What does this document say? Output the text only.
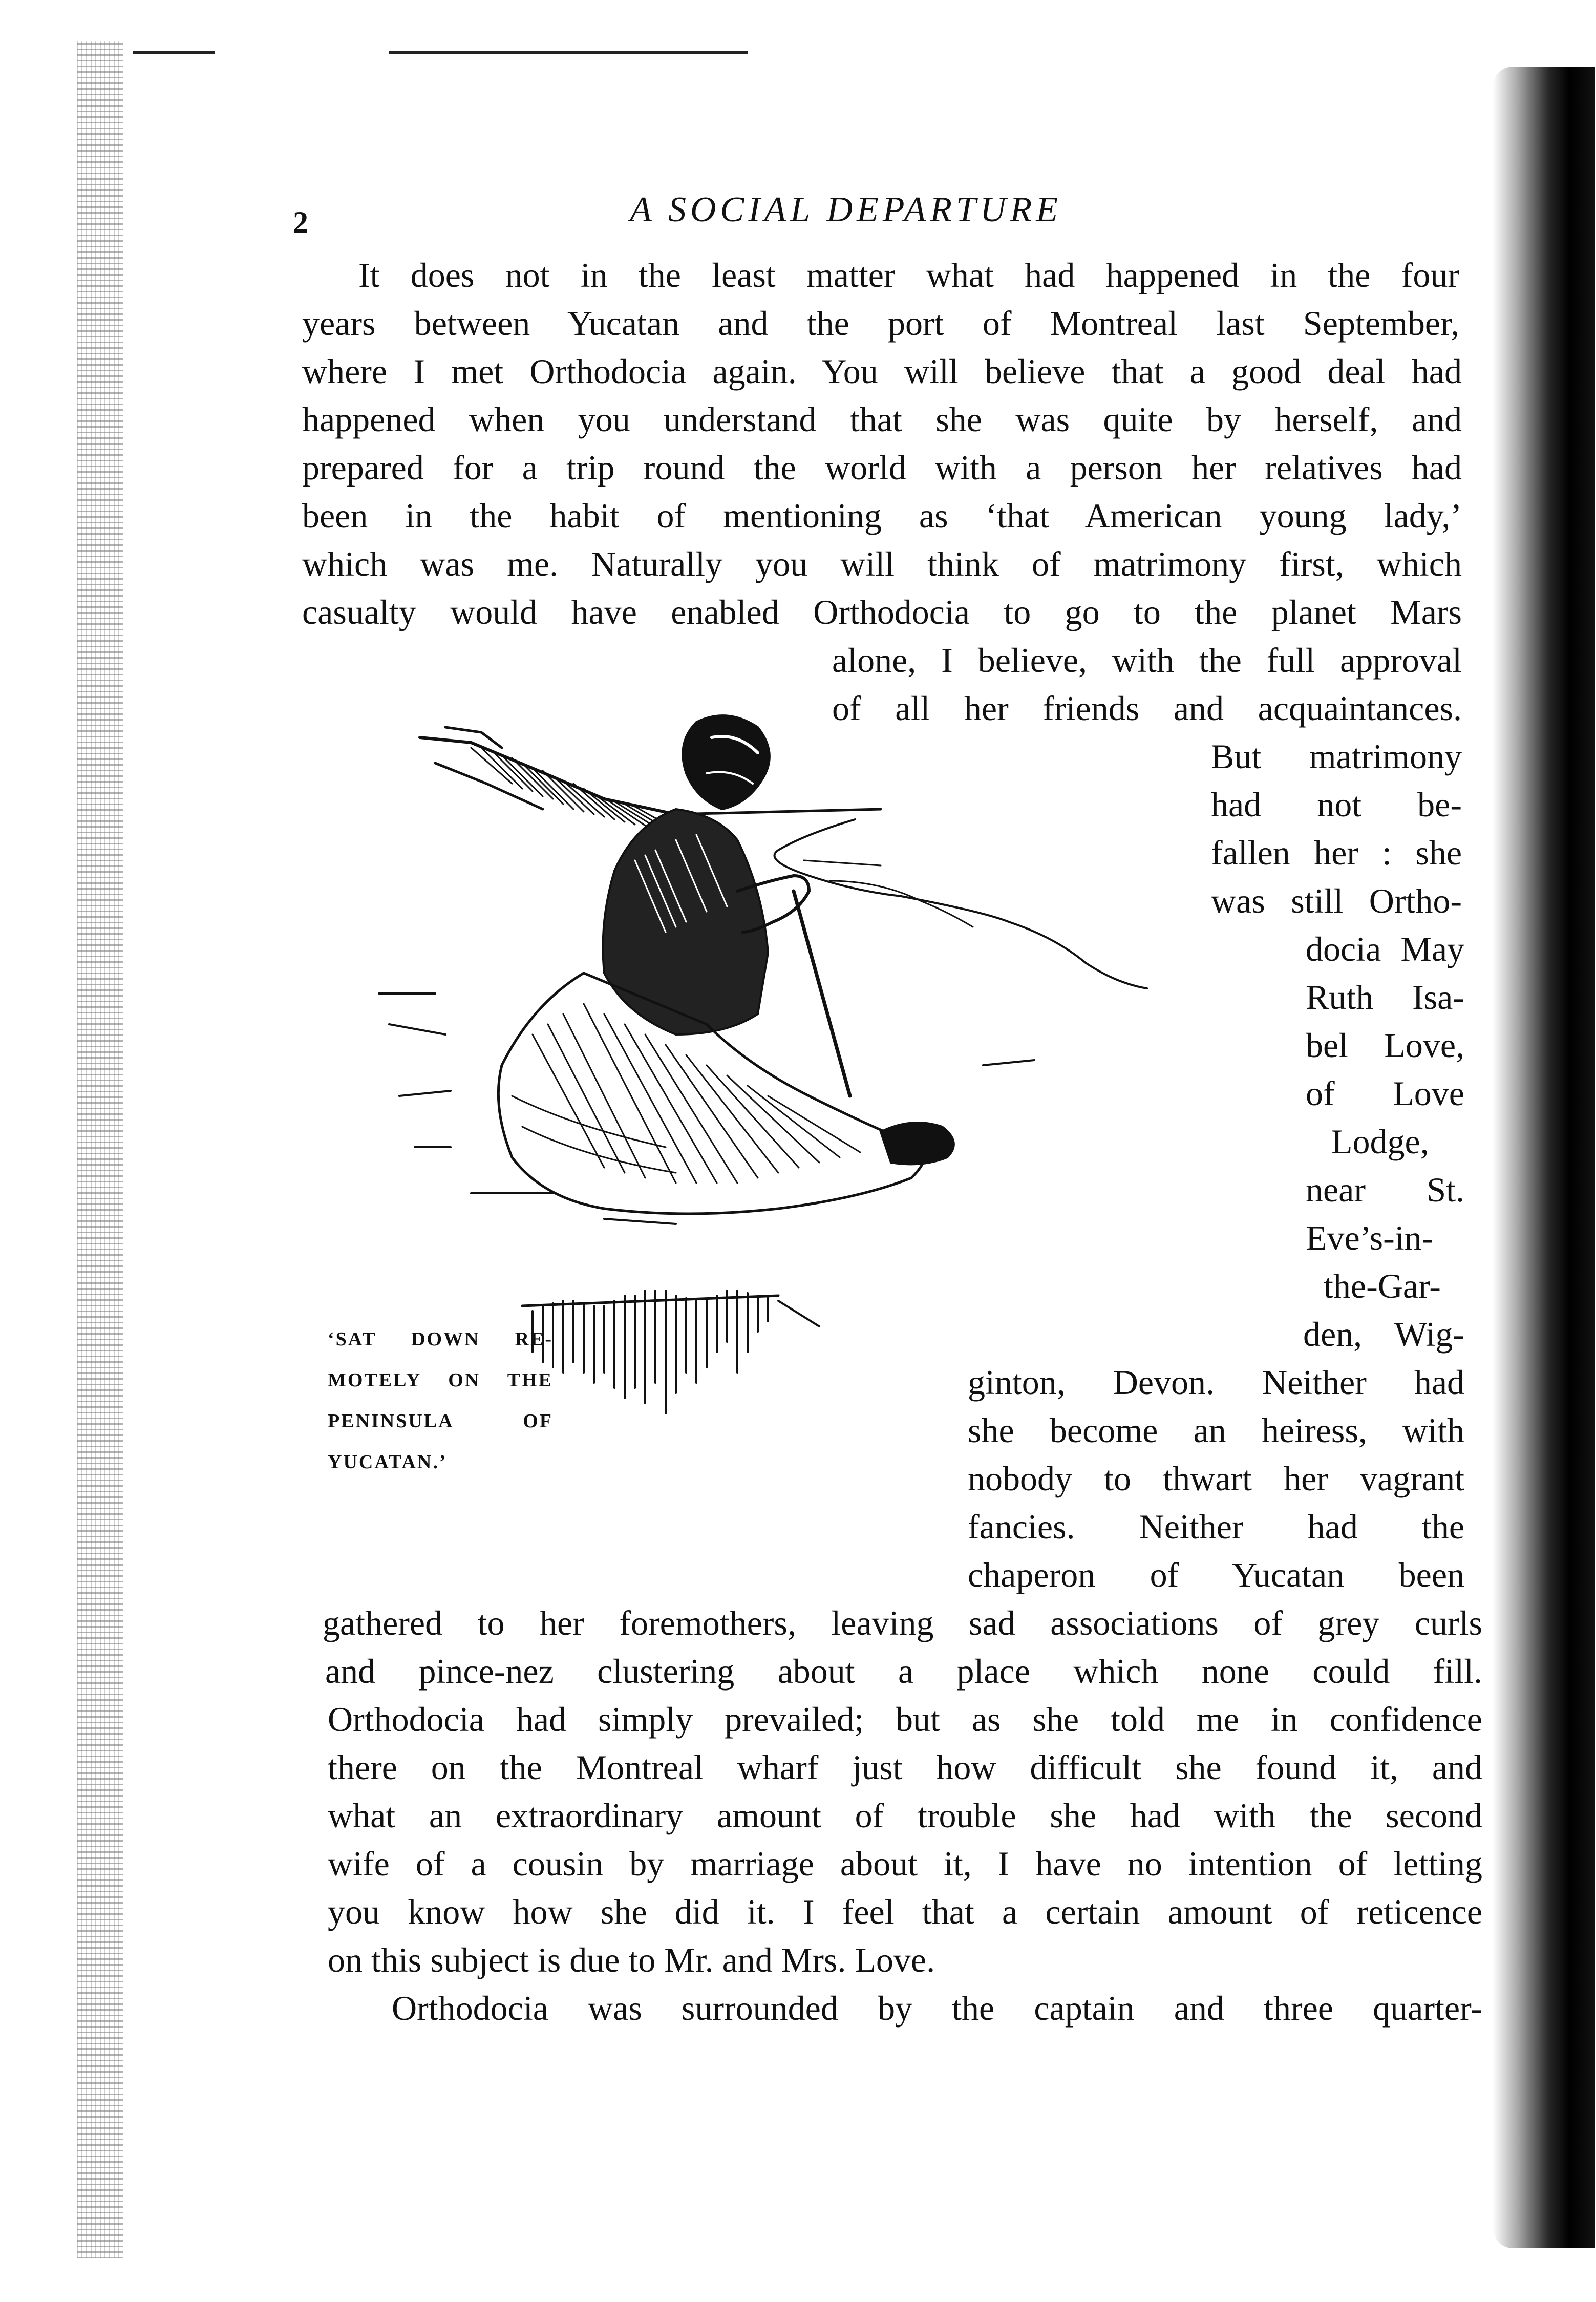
2	A SOCIAL DEPARTURE
It does not in the least matter what had happened in the four
years between Yucatan and the port of Montreal last September,
where I met Orthodocia again. You will believe that a good deal had
happened when you understand that she was quite by herself, and
prepared for a trip round the world with a person her relatives had
been in the habit of mentioning as ‘that American young lady,’
which was me. Naturally you will think of matrimony first, which
casualty would have enabled Orthodocia to go to the planet Mars
alone, I believe, with the full approval
of all her friends and acquaintances.
But matrimony
had not be-
fallen her : she
was still Ortho-
docia May
Ruth Isa-
bel Love,
of Love
Lodge,
near St.
Eve’s-in-
the-Gar-
den, Wig-
ginton, Devon. Neither had
she become an heiress, with
nobody to thwart her vagrant
fancies. Neither had the
chaperon of Yucatan been
gathered to her foremothers, leaving sad associations of grey curls
and pince-nez clustering about a place which none could fill.
Orthodocia had simply prevailed; but as she told me in confidence
there on the Montreal wharf just how difficult she found it, and
what an extraordinary amount of trouble she had with the second
wife of a cousin by marriage about it, I have no intention of letting
you know how she did it. I feel that a certain amount of reticence
on this subject is due to Mr. and Mrs. Love.
Orthodocia was surrounded by the captain and three quarter-
‘SAT DOWN RE-
MOTELY ON THE
PENINSULA OF
YUCATAN.’
